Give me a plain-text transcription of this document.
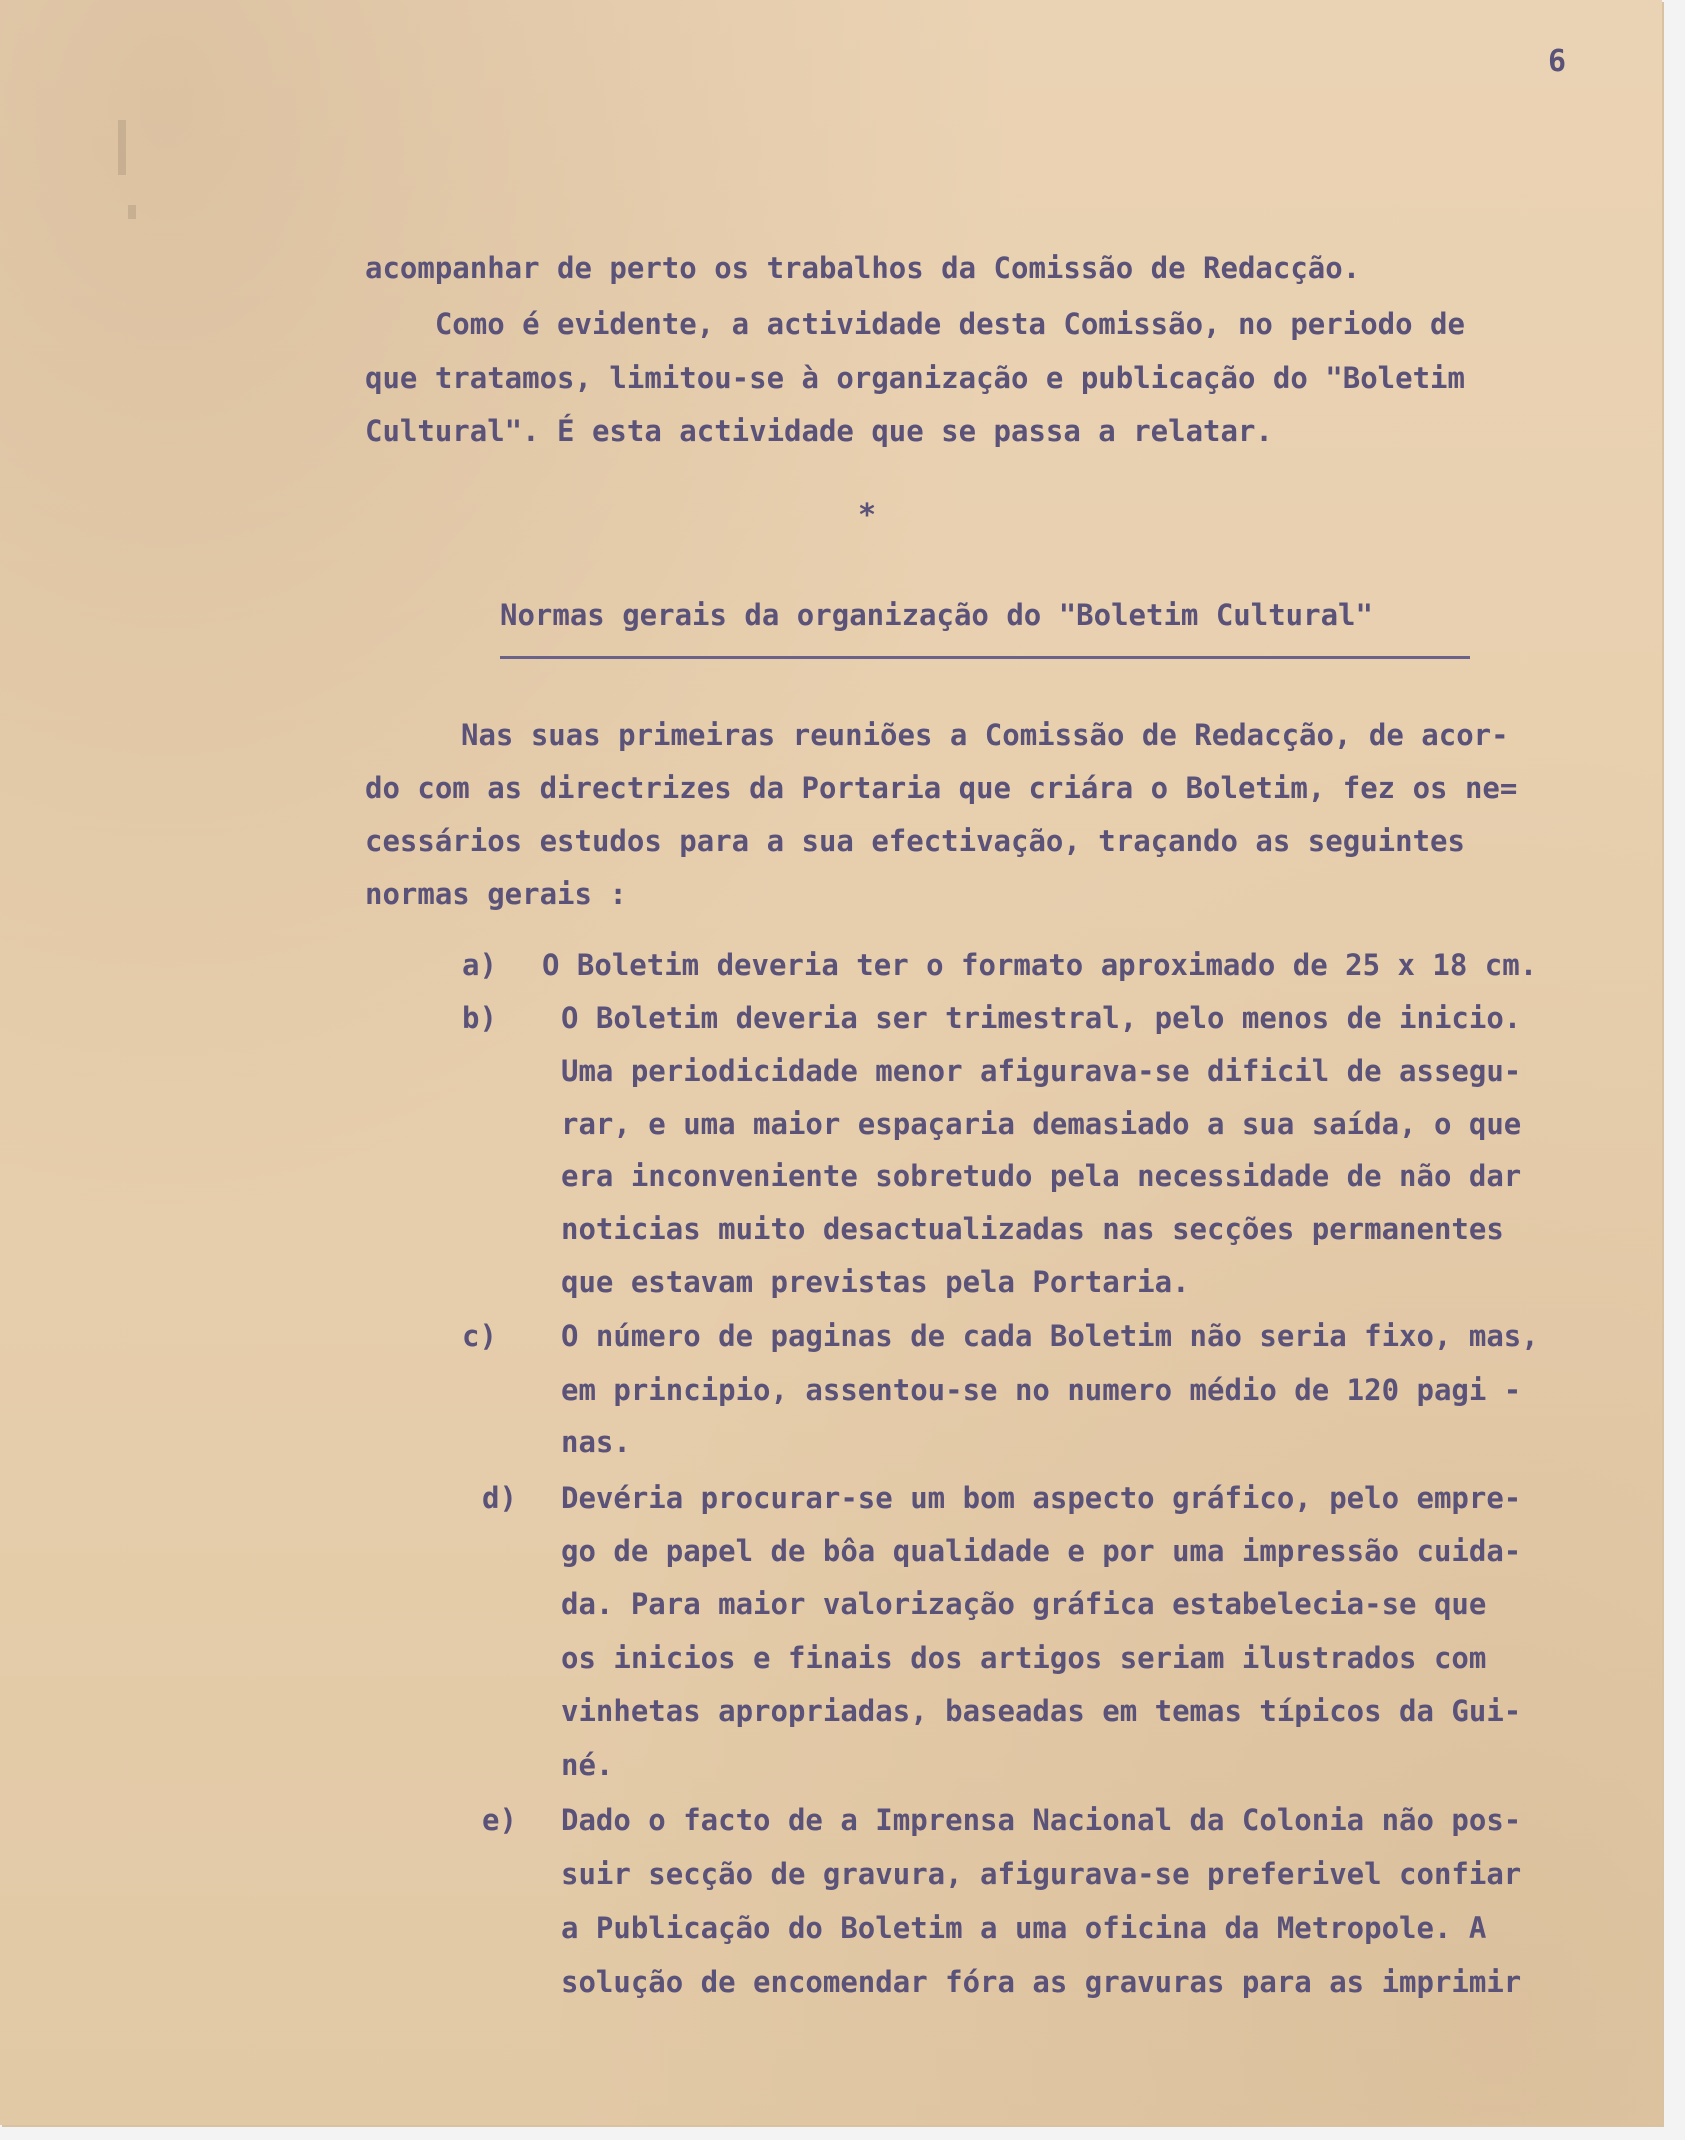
6
acompanhar de perto os trabalhos da Comissão de Redacção.
Como é evidente, a actividade desta Comissão, no periodo de
que tratamos, limitou-se à organização e publicação do "Boletim
Cultural". É esta actividade que se passa a relatar.
*
Normas gerais da organização do "Boletim Cultural"
Nas suas primeiras reuniões a Comissão de Redacção, de acor-
do com as directrizes da Portaria que criára o Boletim, fez os ne=
cessários estudos para a sua efectivação, traçando as seguintes
normas gerais :
a) O Boletim deveria ter o formato aproximado de 25 x 18 cm.
b) O Boletim deveria ser trimestral, pelo menos de inicio.
Uma periodicidade menor afigurava-se dificil de assegu-
rar, e uma maior espaçaria demasiado a sua saída, o que
era inconveniente sobretudo pela necessidade de não dar
noticias muito desactualizadas nas secções permanentes
que estavam previstas pela Portaria.
c) O número de paginas de cada Boletim não seria fixo, mas,
em principio, assentou-se no numero médio de 120 pagi -
nas.
d) Devéria procurar-se um bom aspecto gráfico, pelo empre-
go de papel de bôa qualidade e por uma impressão cuida-
da. Para maior valorização gráfica estabelecia-se que
os inicios e finais dos artigos seriam ilustrados com
vinhetas apropriadas, baseadas em temas típicos da Gui-
né.
e) Dado o facto de a Imprensa Nacional da Colonia não pos-
suir secção de gravura, afigurava-se preferivel confiar
a Publicação do Boletim a uma oficina da Metropole. A
solução de encomendar fóra as gravuras para as imprimir
